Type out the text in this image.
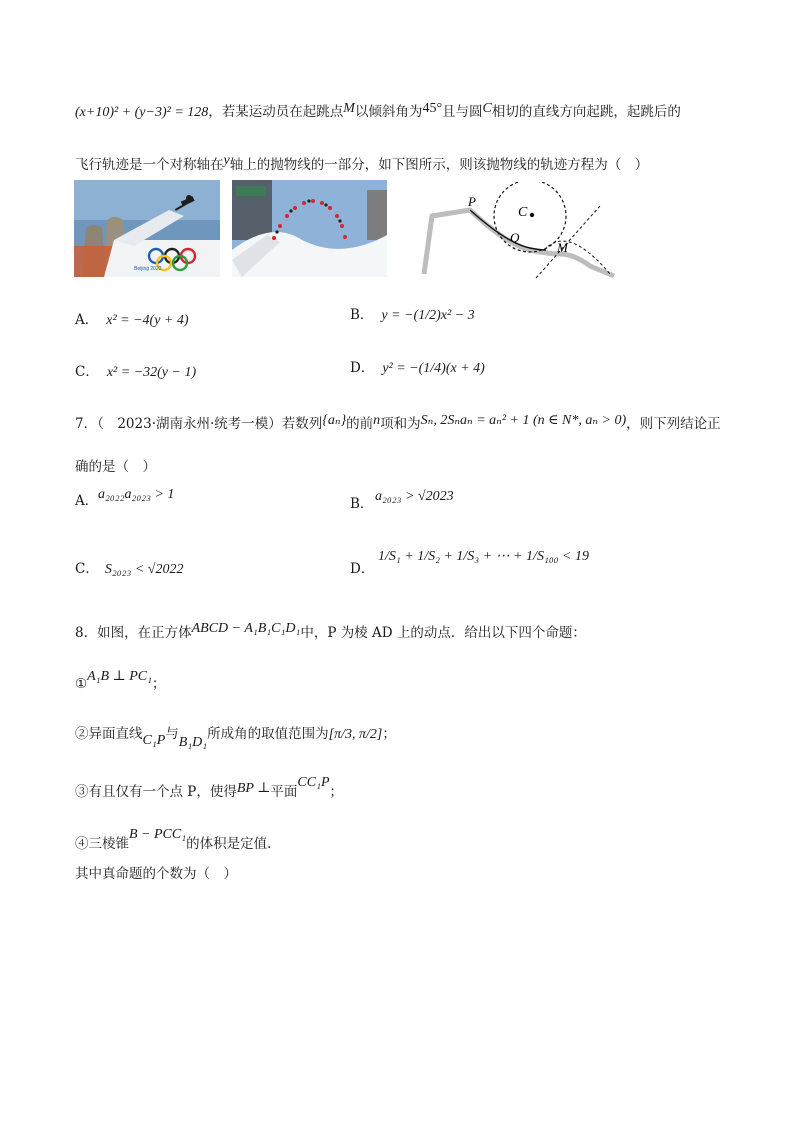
(x+10)² + (y−3)² = 128，若某运动员在起跳点M以倾斜角为45°且与圆C相切的直线方向起跳，起跳后的
飞行轨迹是一个对称轴在y轴上的抛物线的一部分，如下图所示，则该抛物线的轨迹方程为（　）
Beijing 2022
P
C
Q
M
A． x² = −4(y + 4)	B． y = −(1/2)x² − 3
C． x² = −32(y − 1)	D． y² = −(1/4)(x + 4)
7．（　2023·湖南永州·统考一模）若数列{aₙ}的前n项和为Sₙ, 2Sₙaₙ = aₙ² + 1 (n ∈ N*, aₙ > 0)，则下列结论正
确的是（　）
A． a₂₀₂₂a₂₀₂₃ > 1
B． a₂₀₂₃ > √2023
C． S₂₀₂₃ < √2022	D．
1/S₁ + 1/S₂ + 1/S₃ + ⋯ + 1/S₁₀₀ < 19
8．如图，在正方体ABCD − A₁B₁C₁D₁中，P 为棱 AD 上的动点．给出以下四个命题：
①A₁B ⊥ PC₁；
②异面直线C₁P与B₁D₁所成角的取值范围为[π/3, π/2]；
③有且仅有一个点 P，使得BP ⊥平面CC₁P；
④三棱锥B − PCC₁的体积是定值．
其中真命题的个数为（　）
